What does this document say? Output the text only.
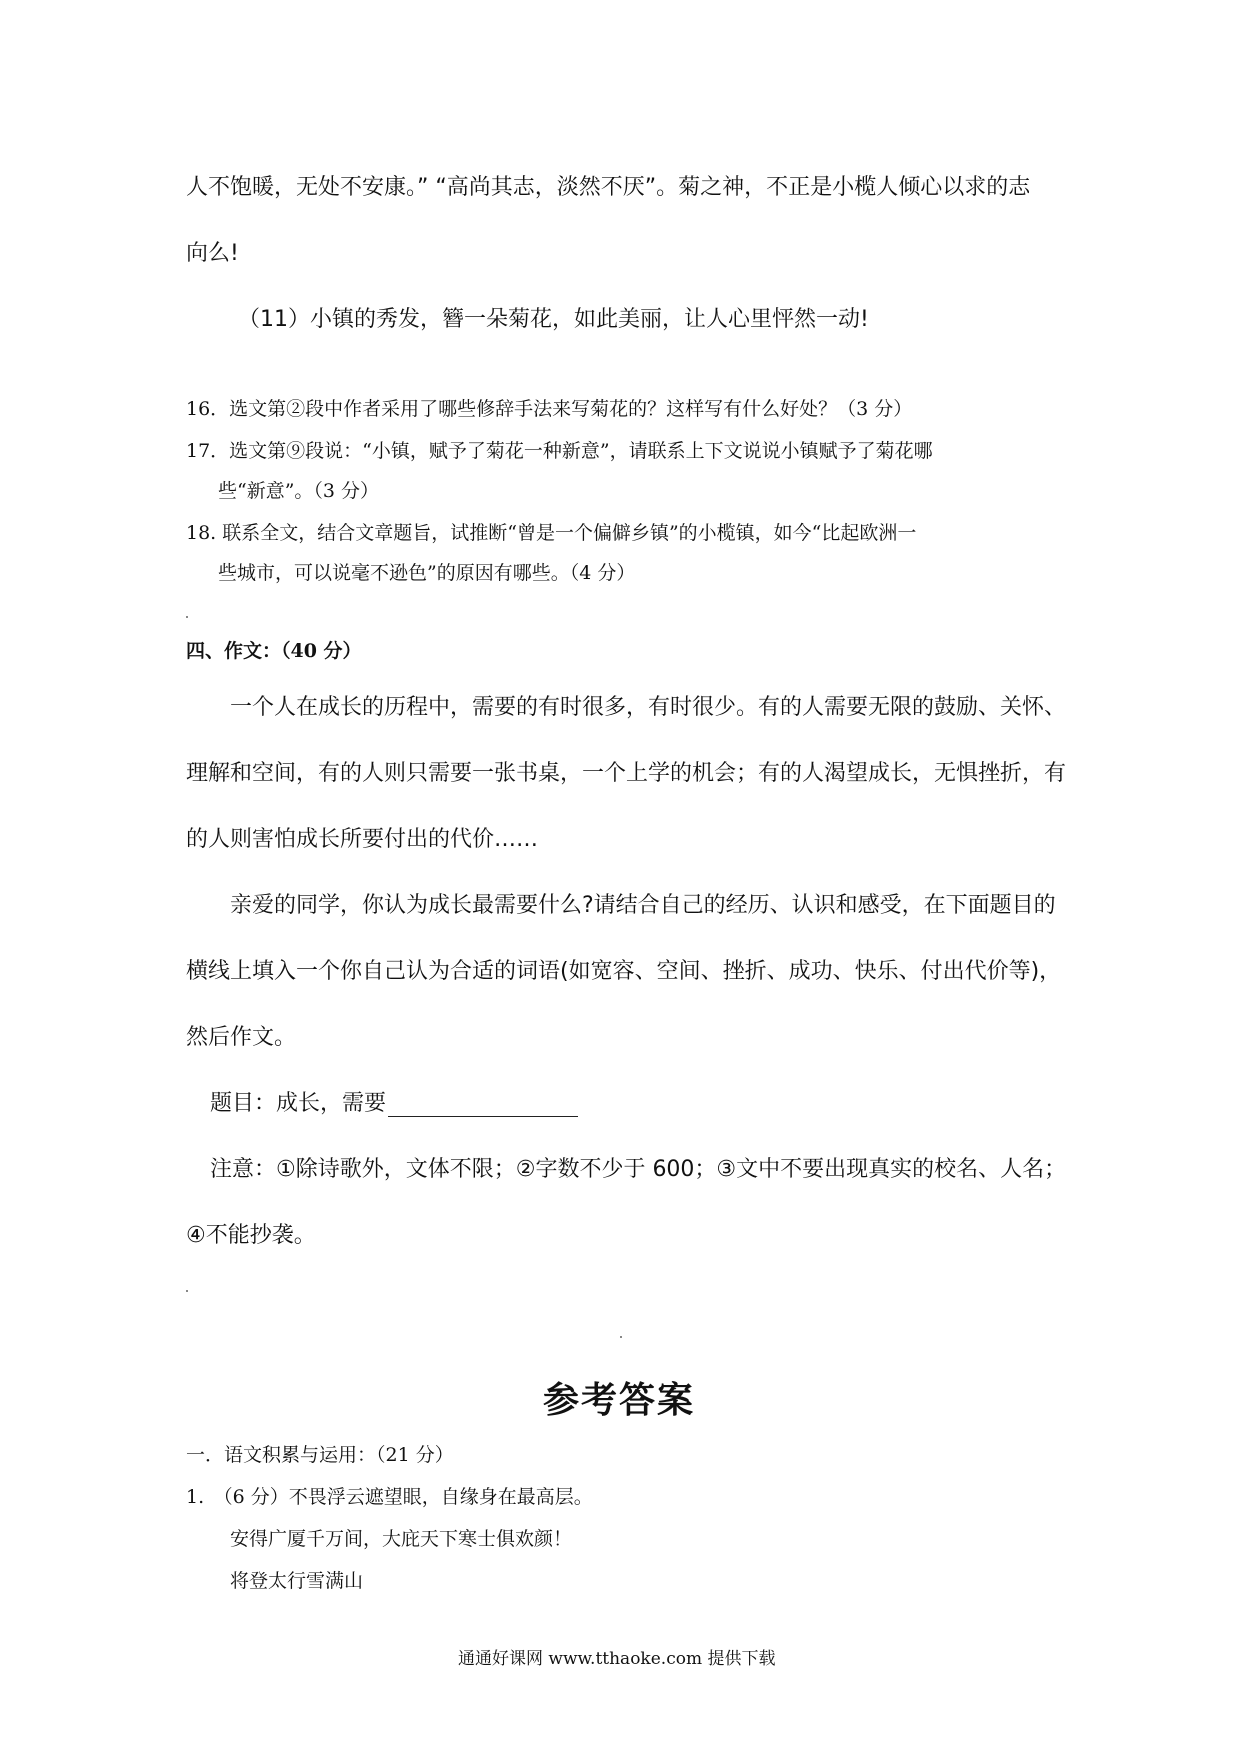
人不饱暖，无处不安康。” “高尚其志，淡然不厌”。菊之神，不正是小榄人倾心以求的志
向么!
（11）小镇的秀发，簪一朵菊花，如此美丽，让人心里怦然一动!
16．选文第②段中作者采用了哪些修辞手法来写菊花的？这样写有什么好处？（3 分）
17．选文第⑨段说：“小镇，赋予了菊花一种新意”，请联系上下文说说小镇赋予了菊花哪
些“新意”。（3 分）
18. 联系全文，结合文章题旨，试推断“曾是一个偏僻乡镇”的小榄镇，如今“比起欧洲一
些城市，可以说毫不逊色”的原因有哪些。（4 分）
四、作文：（40 分）
一个人在成长的历程中，需要的有时很多，有时很少。有的人需要无限的鼓励、关怀、
理解和空间，有的人则只需要一张书桌，一个上学的机会；有的人渴望成长，无惧挫折，有
的人则害怕成长所要付出的代价……
亲爱的同学，你认为成长最需要什么?请结合自己的经历、认识和感受，在下面题目的
横线上填入一个你自己认为合适的词语(如宽容、空间、挫折、成功、快乐、付出代价等)，
然后作文。
题目：成长，需要
注意：①除诗歌外，文体不限；②字数不少于 600；③文中不要出现真实的校名、人名；
④不能抄袭。
参考答案
一．语文积累与运用：（21 分）
1.　（6 分）不畏浮云遮望眼，自缘身在最高层。
安得广厦千万间，大庇天下寒士俱欢颜！
将登太行雪满山
通通好课网 www.tthaoke.com 提供下载
